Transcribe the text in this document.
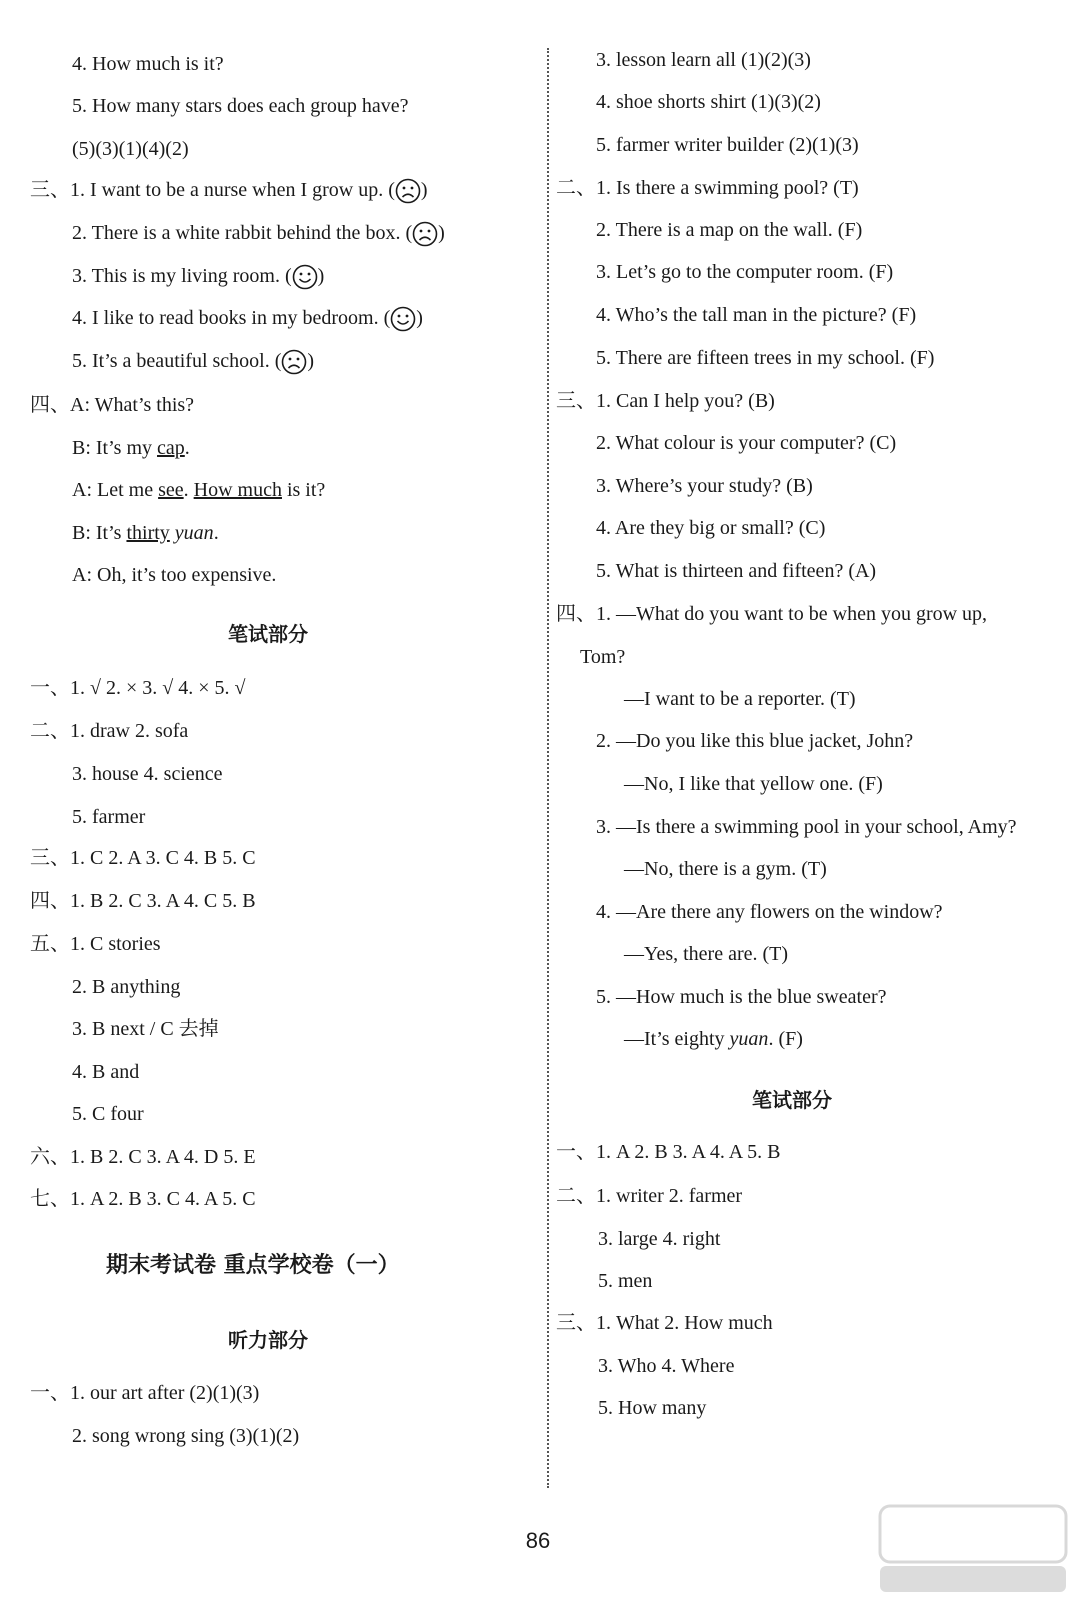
4. How much is it?
5. How many stars does each group have?
(5)(3)(1)(4)(2)
三、1. I want to be a nurse when I grow up. ( )
2. There is a white rabbit behind the box. ( )
3. This is my living room. ( )
4. I like to read books in my bedroom. ( )
5. It’s a beautiful school. ( )
四、A: What’s this?
B: It’s my cap.
A: Let me see. How much is it?
B: It’s thirty yuan.
A: Oh, it’s too expensive.
笔试部分
一、1. √ 2. × 3. √ 4. × 5. √
二、1. draw 2. sofa
3. house 4. science
5. farmer
三、1. C 2. A 3. C 4. B 5. C
四、1. B 2. C 3. A 4. C 5. B
五、1. C stories
2. B anything
3. B next / C 去掉
4. B and
5. C four
六、1. B 2. C 3. A 4. D 5. E
七、1. A 2. B 3. C 4. A 5. C
期末考试卷 重点学校卷（一）
听力部分
一、1. our art after (2)(1)(3)
2. song wrong sing (3)(1)(2)
3. lesson learn all (1)(2)(3)
4. shoe shorts shirt (1)(3)(2)
5. farmer writer builder (2)(1)(3)
二、1. Is there a swimming pool? (T)
2. There is a map on the wall. (F)
3. Let’s go to the computer room. (F)
4. Who’s the tall man in the picture? (F)
5. There are fifteen trees in my school. (F)
三、1. Can I help you? (B)
2. What colour is your computer? (C)
3. Where’s your study? (B)
4. Are they big or small? (C)
5. What is thirteen and fifteen? (A)
四、1. —What do you want to be when you grow up,
Tom?
—I want to be a reporter. (T)
2. —Do you like this blue jacket, John?
—No, I like that yellow one. (F)
3. —Is there a swimming pool in your school, Amy?
—No, there is a gym. (T)
4. —Are there any flowers on the window?
—Yes, there are. (T)
5. —How much is the blue sweater?
—It’s eighty yuan. (F)
笔试部分
一、1. A 2. B 3. A 4. A 5. B
二、1. writer 2. farmer
3. large 4. right
5. men
三、1. What 2. How much
3. Who 4. Where
5. How many
86
